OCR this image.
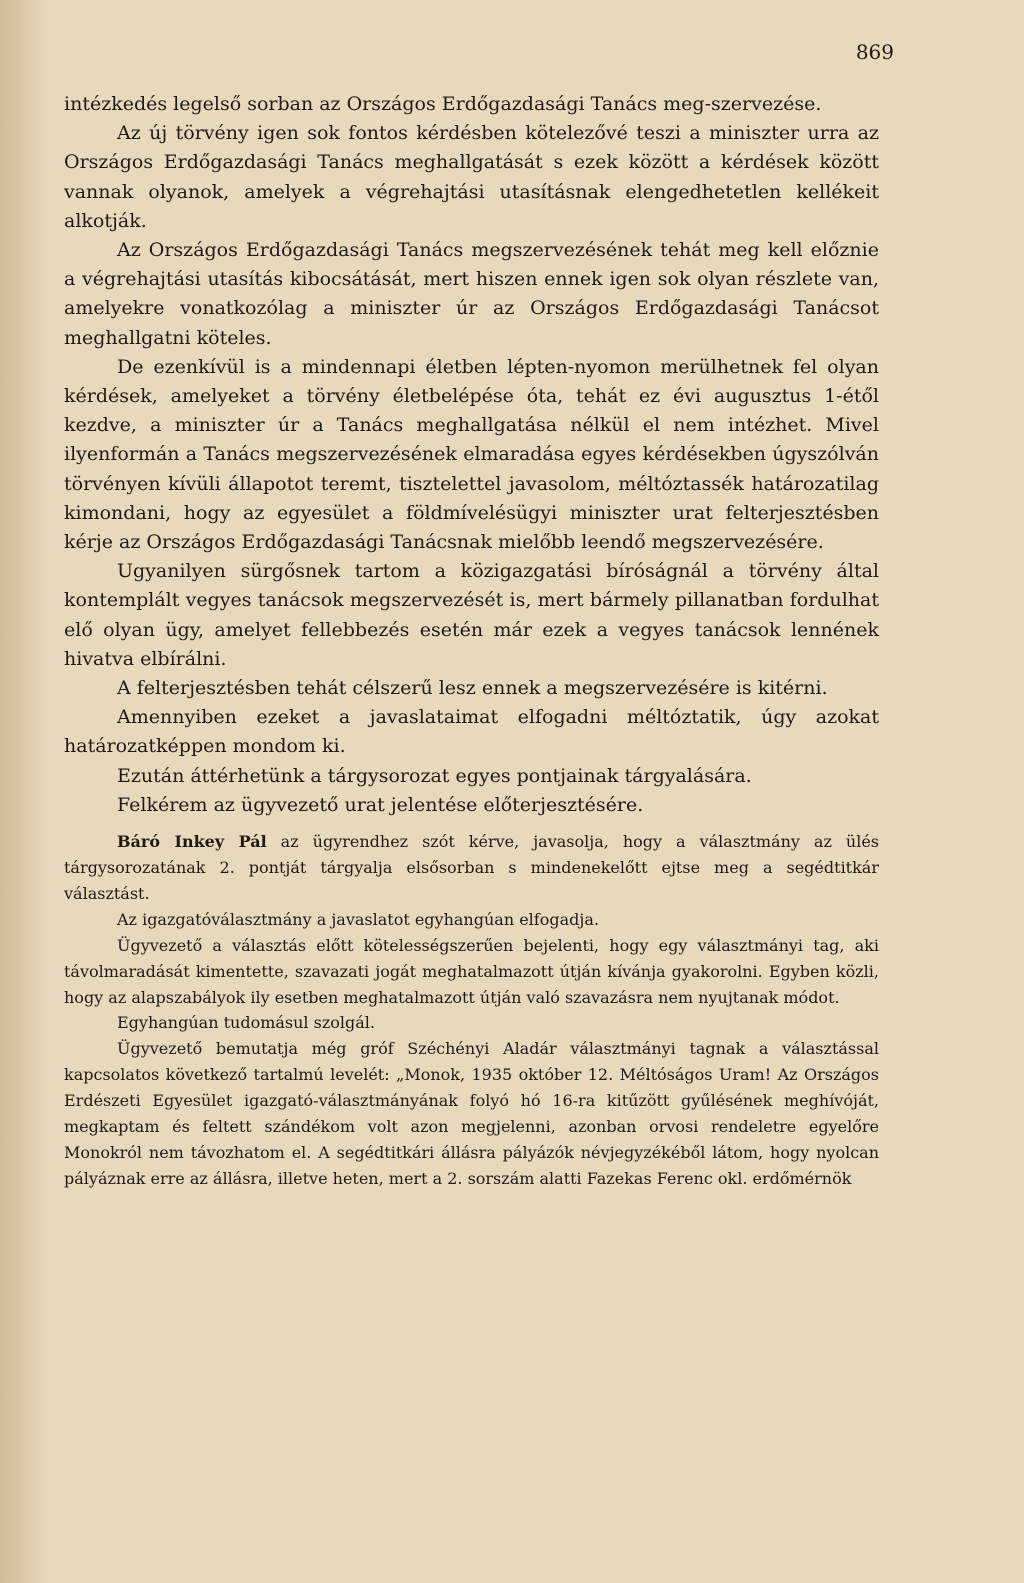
869

intézkedés legelső sorban az Országos Erdőgazdasági Tanács meg-szervezése.

Az új törvény igen sok fontos kérdésben kötelezővé teszi a miniszter urra az Országos Erdőgazdasági Tanács meghallgatását s ezek között a kérdések között vannak olyanok, amelyek a végrehajtási utasításnak elengedhetetlen kellékeit alkotják.

Az Országos Erdőgazdasági Tanács megszervezésének tehát meg kell előznie a végrehajtási utasítás kibocsátását, mert hiszen ennek igen sok olyan részlete van, amelyekre vonatkozólag a miniszter úr az Országos Erdőgazdasági Tanácsot meghallgatni köteles.

De ezenkívül is a mindennapi életben lépten-nyomon merülhetnek fel olyan kérdések, amelyeket a törvény életbelépése óta, tehát ez évi augusztus 1-étől kezdve, a miniszter úr a Tanács meghallgatása nélkül el nem intézhet. Mivel ilyenformán a Tanács megszervezésének elmaradása egyes kérdésekben úgyszólván törvényen kívüli állapotot teremt, tisztelettel javasolom, méltóztassék határozatilag kimondani, hogy az egyesület a földmívelésügyi miniszter urat felterjesztésben kérje az Országos Erdőgazdasági Tanácsnak mielőbb leendő megszervezésére.

Ugyanilyen sürgősnek tartom a közigazgatási bíróságnál a törvény által kontemplált vegyes tanácsok megszervezését is, mert bármely pillanatban fordulhat elő olyan ügy, amelyet fellebbezés esetén már ezek a vegyes tanácsok lennének hivatva elbírálni.

A felterjesztésben tehát célszerű lesz ennek a megszervezésére is kitérni.

Amennyiben ezeket a javaslataimat elfogadni méltóztatik, úgy azokat határozatképpen mondom ki.

Ezután áttérhetünk a tárgysorozat egyes pontjainak tárgyalására.

Felkérem az ügyvezető urat jelentése előterjesztésére.

Báró Inkey Pál az ügyrendhez szót kérve, javasolja, hogy a választmány az ülés tárgysorozatának 2. pontját tárgyalja elsősorban s mindenekelőtt ejtse meg a segédtitkár választást.

Az igazgatóválasztmány a javaslatot egyhangúan elfogadja.

Ügyvezető a választás előtt kötelességszerűen bejelenti, hogy egy választmányi tag, aki távolmaradását kimentette, szavazati jogát meghatalmazott útján kívánja gyakorolni. Egyben közli, hogy az alapszabályok ily esetben meghatalmazott útján való szavazásra nem nyujtanak módot.

Egyhangúan tudomásul szolgál.

Ügyvezető bemutatja még gróf Széchényi Aladár választmányi tagnak a választással kapcsolatos következő tartalmú levelét: „Monok, 1935 október 12. Méltóságos Uram! Az Országos Erdészeti Egyesület igazgató-választmányának folyó hó 16-ra kitűzött gyűlésének meghívóját, megkaptam és feltett szándékom volt azon megjelenni, azonban orvosi rendeletre egyelőre Monokról nem távozhatom el. A segédtitkári állásra pályázók névjegyzékéből látom, hogy nyolcan pályáznak erre az állásra, illetve heten, mert a 2. sorszám alatti Fazekas Ferenc okl. erdőmérnök
